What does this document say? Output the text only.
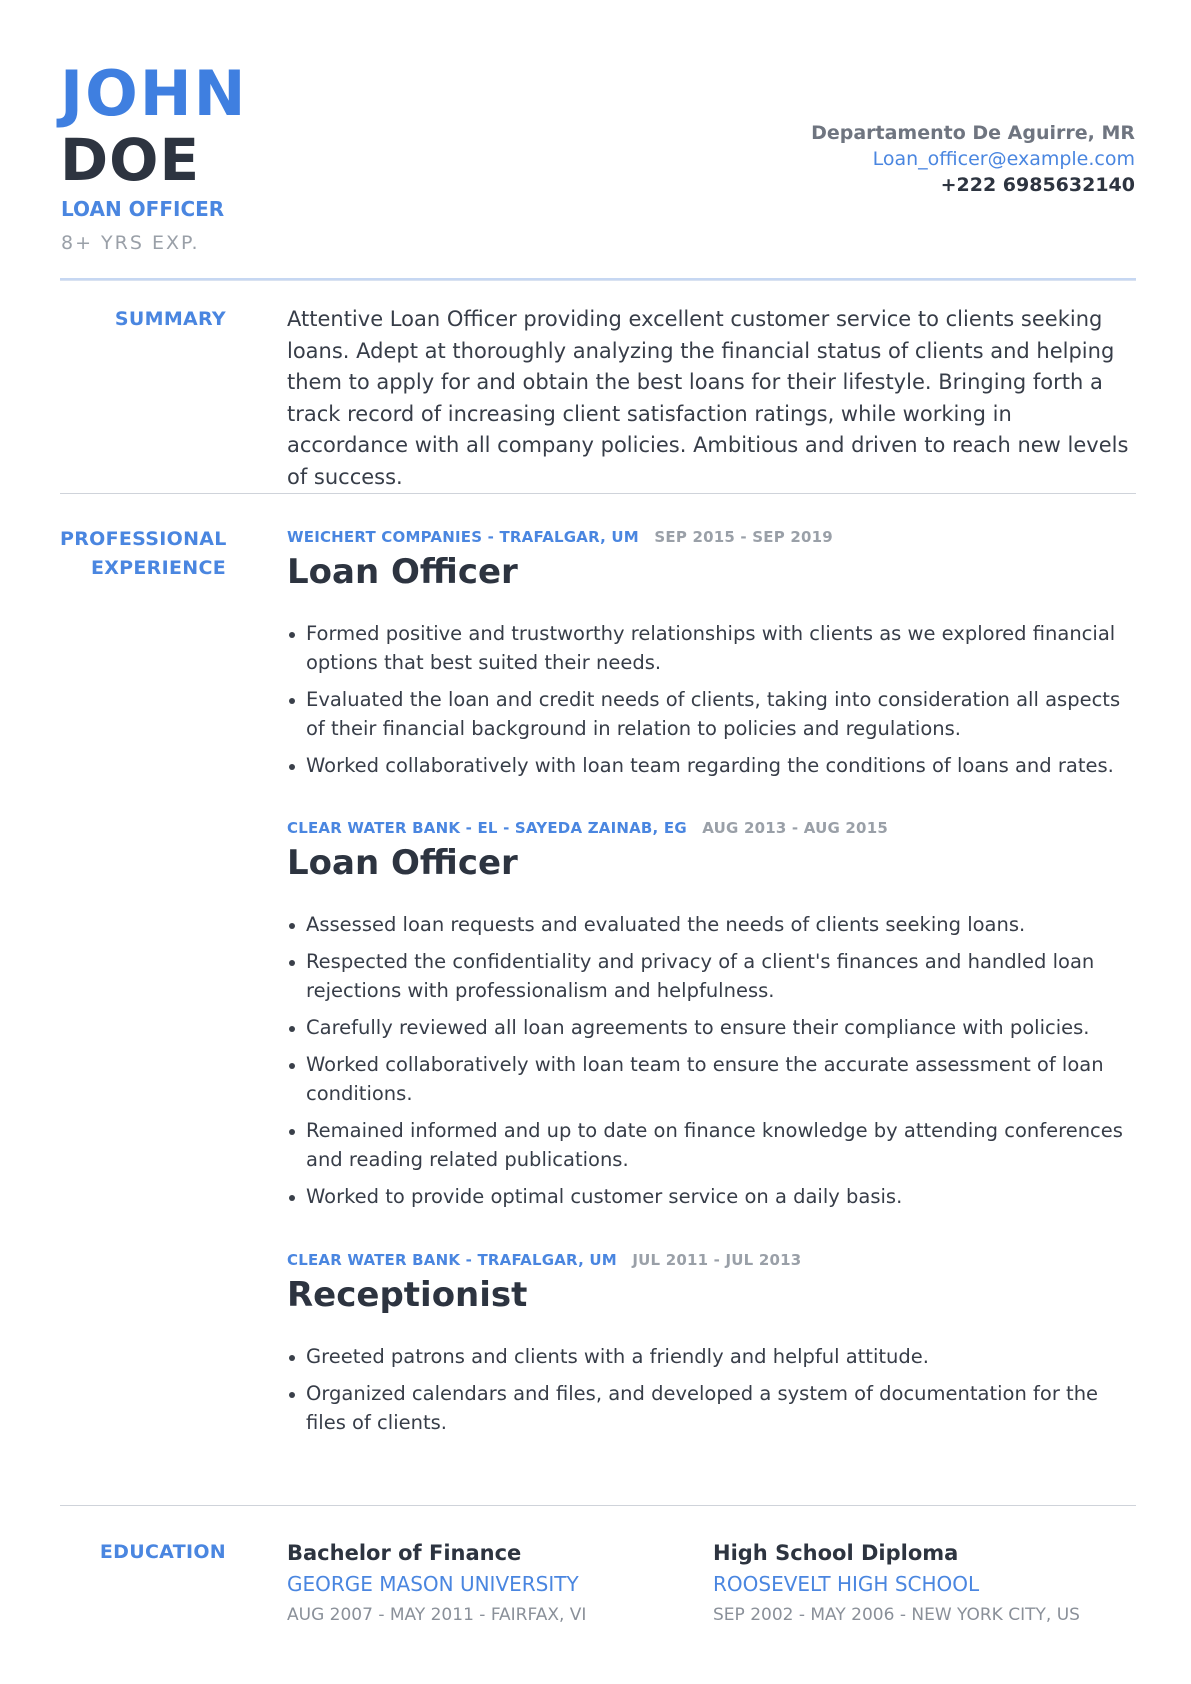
JOHN
DOE
LOAN OFFICER
8+ YRS EXP.
Departamento De Aguirre, MR
Loan_officer@example.com
+222 6985632140
SUMMARY	Attentive Loan Officer providing excellent customer service to clients seeking loans. Adept at thoroughly analyzing the financial status of clients and helping them to apply for and obtain the best loans for their lifestyle. Bringing forth a track record of increasing client satisfaction ratings, while working in accordance with all company policies. Ambitious and driven to reach new levels of success.

PROFESSIONAL
EXPERIENCE
WEICHERT COMPANIES - TRAFALGAR, UM SEP 2015 - SEP 2019
Loan Officer
Formed positive and trustworthy relationships with clients as we explored financial options that best suited their needs.
Evaluated the loan and credit needs of clients, taking into consideration all aspects of their financial background in relation to policies and regulations.
Worked collaboratively with loan team regarding the conditions of loans and rates.
CLEAR WATER BANK - EL - SAYEDA ZAINAB, EG AUG 2013 - AUG 2015
Loan Officer
Assessed loan requests and evaluated the needs of clients seeking loans.
Respected the confidentiality and privacy of a client's finances and handled loan rejections with professionalism and helpfulness.
Carefully reviewed all loan agreements to ensure their compliance with policies.
Worked collaboratively with loan team to ensure the accurate assessment of loan conditions.
Remained informed and up to date on finance knowledge by attending conferences and reading related publications.
Worked to provide optimal customer service on a daily basis.
CLEAR WATER BANK - TRAFALGAR, UM JUL 2011 - JUL 2013
Receptionist
Greeted patrons and clients with a friendly and helpful attitude.
Organized calendars and files, and developed a system of documentation for the files of clients.
EDUCATION	Bachelor of Finance
GEORGE MASON UNIVERSITY
AUG 2007 - MAY 2011 - FAIRFAX, VI
High School Diploma
ROOSEVELT HIGH SCHOOL
SEP 2002 - MAY 2006 - NEW YORK CITY, US
